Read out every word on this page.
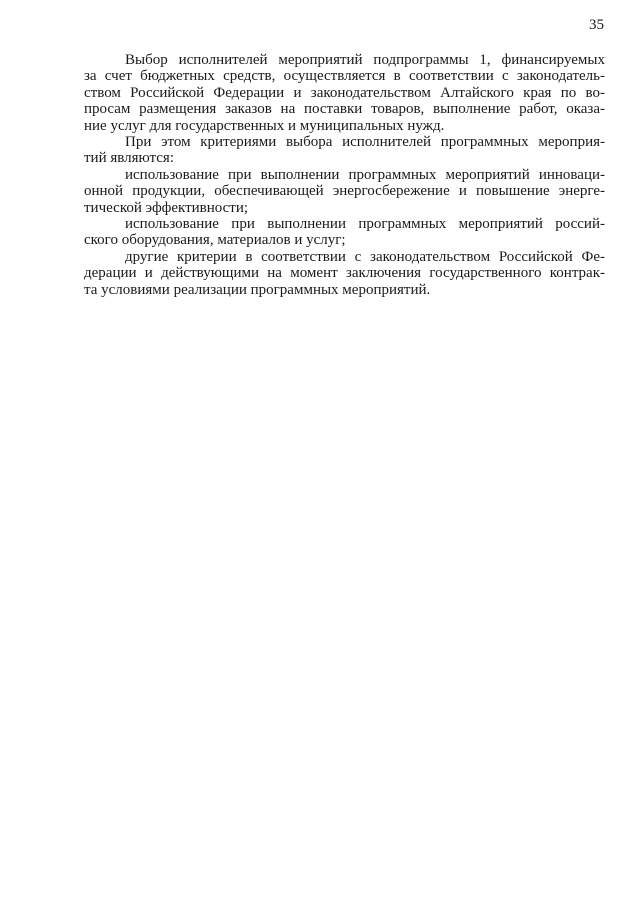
35
Выбор исполнителей мероприятий подпрограммы 1, финансируемых
за счет бюджетных средств, осуществляется в соответствии с законодатель-
ством Российской Федерации и законодательством Алтайского края по во-
просам размещения заказов на поставки товаров, выполнение работ, оказа-
ние услуг для государственных и муниципальных нужд.
При этом критериями выбора исполнителей программных мероприя-
тий являются:
использование при выполнении программных мероприятий инноваци-
онной продукции, обеспечивающей энергосбережение и повышение энерге-
тической эффективности;
использование при выполнении программных мероприятий россий-
ского оборудования, материалов и услуг;
другие критерии в соответствии с законодательством Российской Фе-
дерации и действующими на момент заключения государственного контрак-
та условиями реализации программных мероприятий.
